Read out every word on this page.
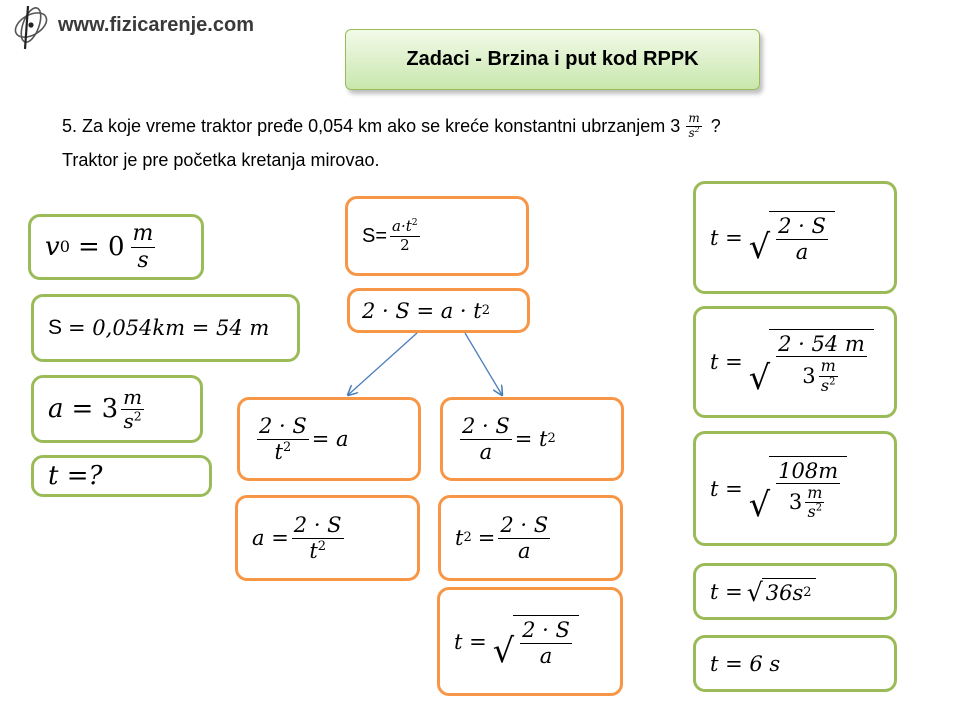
www.fizicarenje.com
Zadaci - Brzina i put kod RPPK
5. Za koje vreme traktor pređe 0,054 km ako se kreće konstantni ubrzanjem $3 \frac{m}{s^2}$ ?
Traktor je pre početka kretanja mirovao.
v $0 = 0 \frac{m}{s}$
S = 0,054km = 54 m
$a = 3 \frac{m}{s^2}$
t =?
$S= \frac{a\cdot t^2}{2}$
2 · S = a · t 2
$\frac{2 \cdot S}{t^2} = a$	$\frac{2 \cdot S}{a} = t$ 2
$a = \frac{2 \cdot S}{t^2}$	t $2 = \frac{2 \cdot S}{a}$
t = √ $\frac{2 \cdot S}{a}$
t = √ $\frac{2 \cdot S}{a}$
t = √ $\frac{2 \cdot 54 m}{3 \frac{m}{s^2}}$
t = √ $\frac{108m}{3 \frac{m}{s^2}}$
t = √ 36s 2
t = 6 s
